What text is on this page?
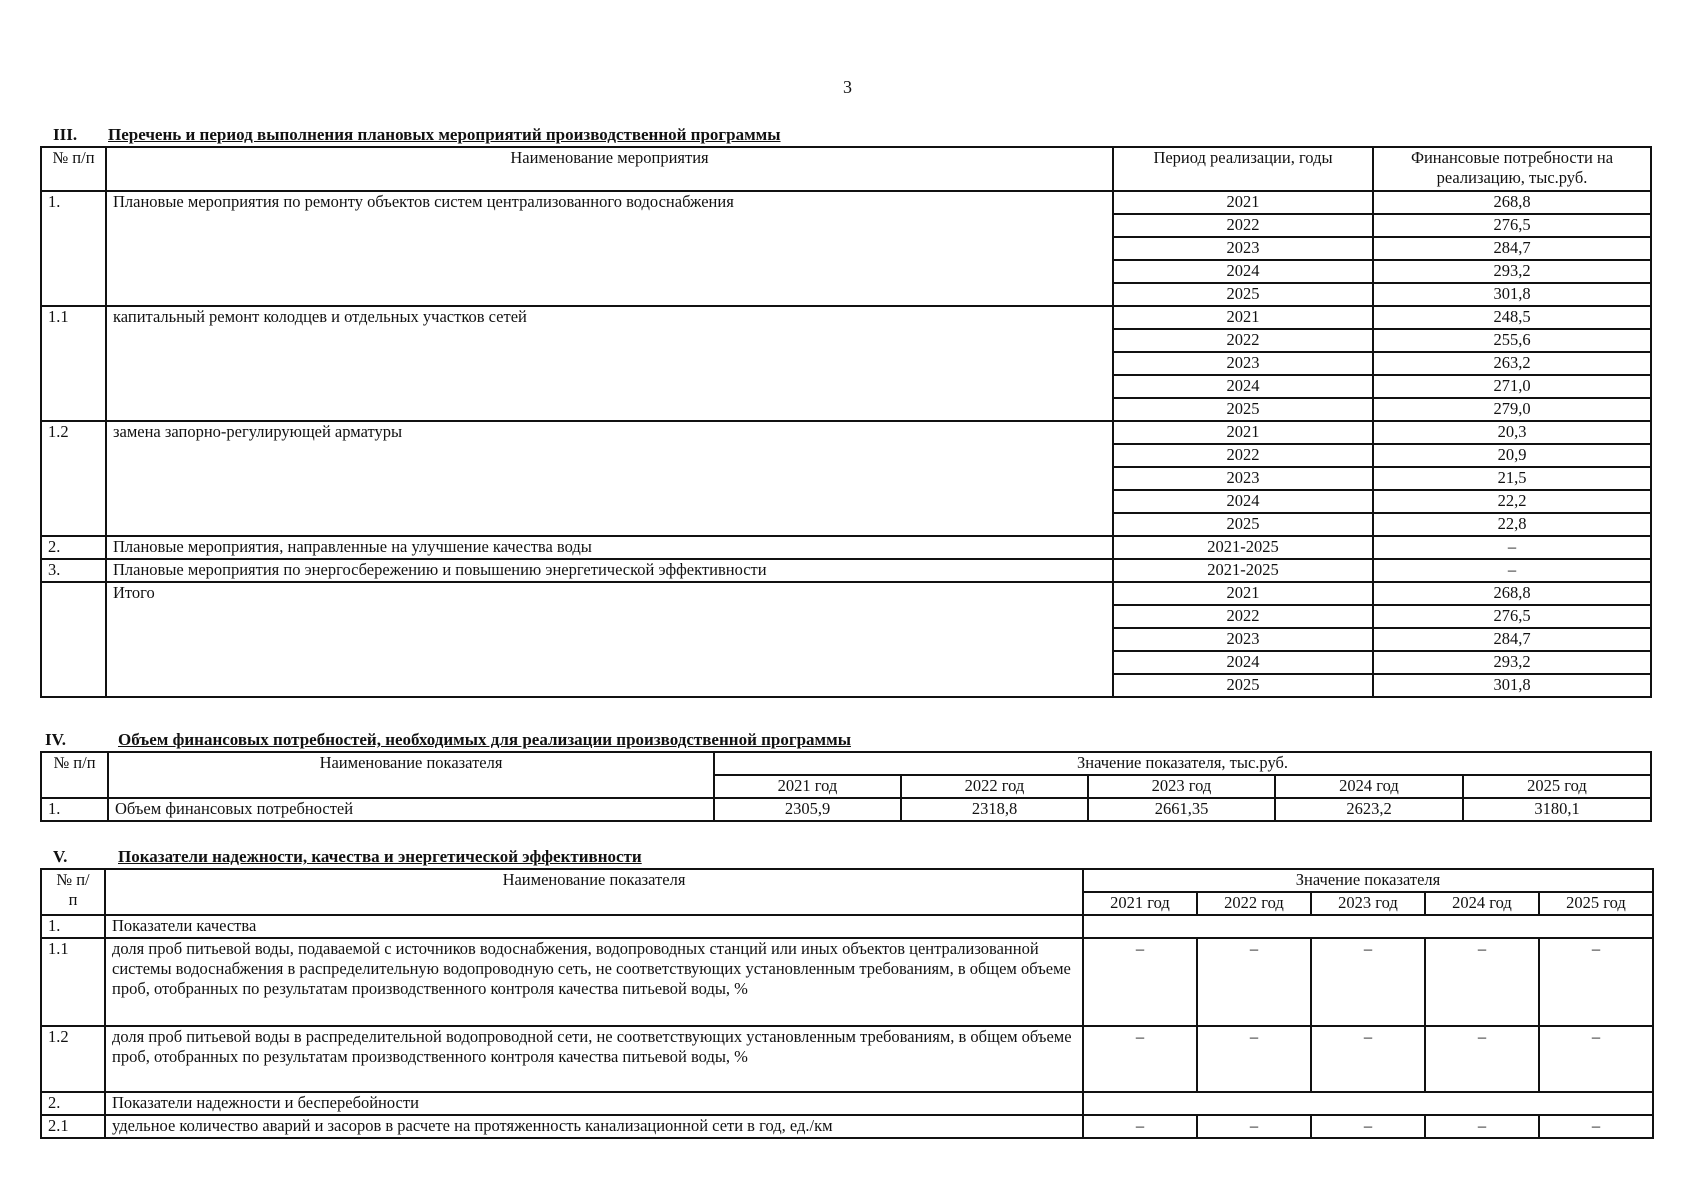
3
III. Перечень и период выполнения плановых мероприятий производственной программы
№ п/п	Наименование мероприятия	Период реализации, годы	Финансовые потребности на реализацию, тыс.руб.
1.	Плановые мероприятия по ремонту объектов систем централизованного водоснабжения	2021	268,8
		2022	276,5
		2023	284,7
		2024	293,2
		2025	301,8
1.1	капитальный ремонт колодцев и отдельных участков сетей	2021	248,5
		2022	255,6
		2023	263,2
		2024	271,0
		2025	279,0
1.2	замена запорно-регулирующей арматуры	2021	20,3
		2022	20,9
		2023	21,5
		2024	22,2
		2025	22,8
2.	Плановые мероприятия, направленные на улучшение качества воды	2021-2025	–
3.	Плановые мероприятия по энергосбережению и повышению энергетической эффективности	2021-2025	–
	Итого	2021	268,8
		2022	276,5
		2023	284,7
		2024	293,2
		2025	301,8
IV.	Объем финансовых потребностей, необходимых для реализации производственной программы
№ п/п	Наименование показателя	Значение показателя, тыс.руб.				
		2021 год	2022 год	2023 год	2024 год	2025 год
1.	Объем финансовых потребностей	2305,9	2318,8	2661,35	2623,2	3180,1
V.	Показатели надежности, качества и энергетической эффективности
№ п/п	Наименование показателя	Значение показателя				
		2021 год	2022 год	2023 год	2024 год	2025 год
1.	Показатели качества					
1.1	доля проб питьевой воды, подаваемой с источников водоснабжения, водопроводных станций или иных объектов централизованной системы водоснабжения в распределительную водопроводную сеть, не соответствующих установленным требованиям, в общем объеме проб, отобранных по результатам производственного контроля качества питьевой воды, %	–	–	–	–	–
1.2	доля проб питьевой воды в распределительной водопроводной сети, не соответствующих установленным требованиям, в общем объеме проб, отобранных по результатам производственного контроля качества питьевой воды, %	–	–	–	–	–
2.	Показатели надежности и бесперебойности					
2.1	удельное количество аварий и засоров в расчете на протяженность канализационной сети в год, ед./км	–	–	–	–	–
